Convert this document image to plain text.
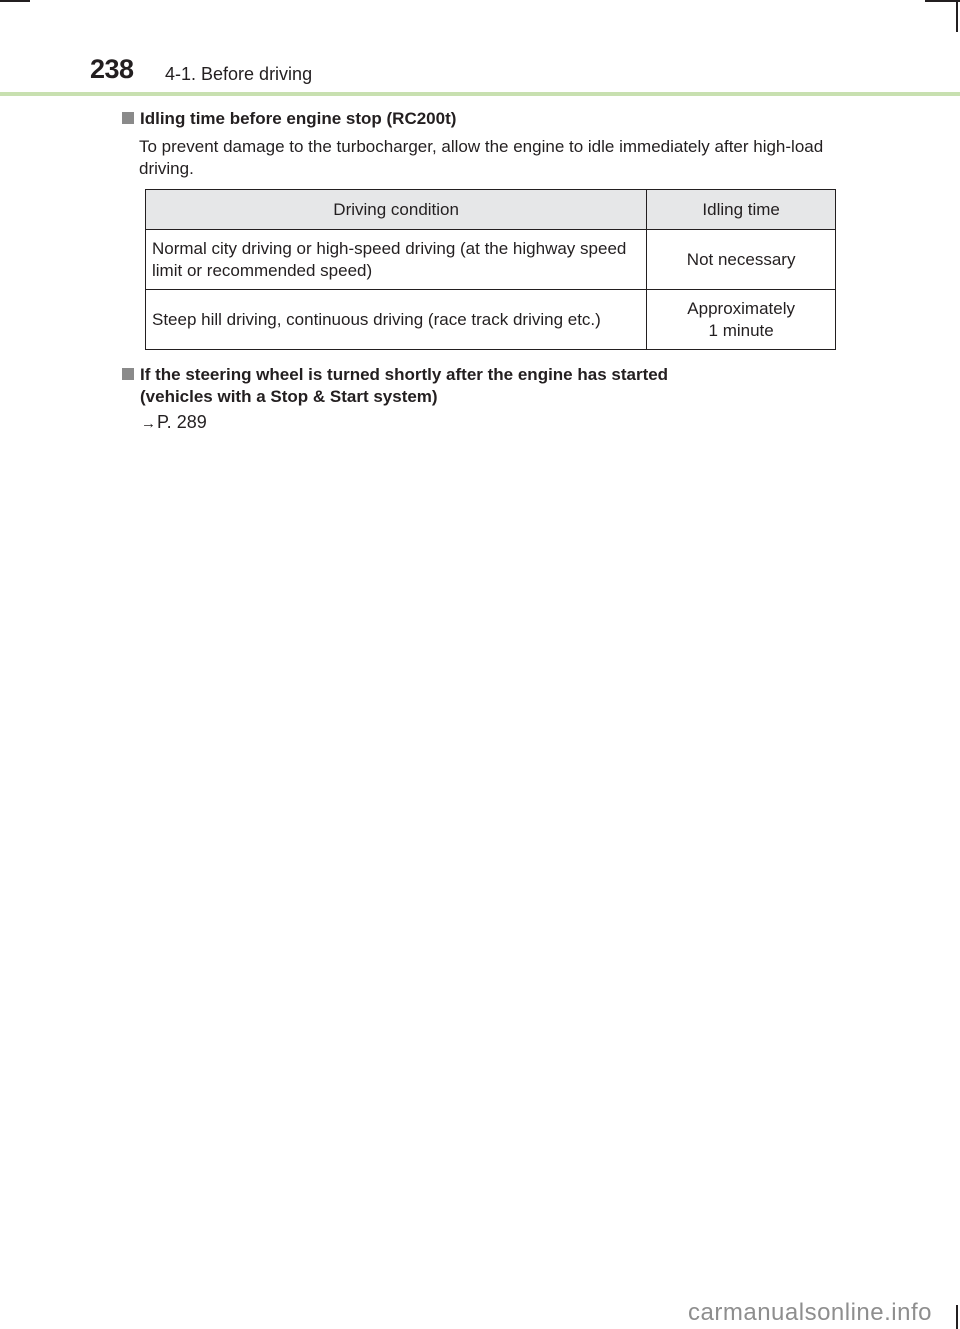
238 4-1. Before driving
Idling time before engine stop (RC200t)
To prevent damage to the turbocharger, allow the engine to idle immediately after high-load driving.
Driving condition	Idling time
Normal city driving or high-speed driving (at the highway speed limit or recommended speed)	Not necessary
Steep hill driving, continuous driving (race track driving etc.)	Approximately 1 minute
If the steering wheel is turned shortly after the engine has started
(vehicles with a Stop & Start system)
→P. 289
carmanualsonline.info
